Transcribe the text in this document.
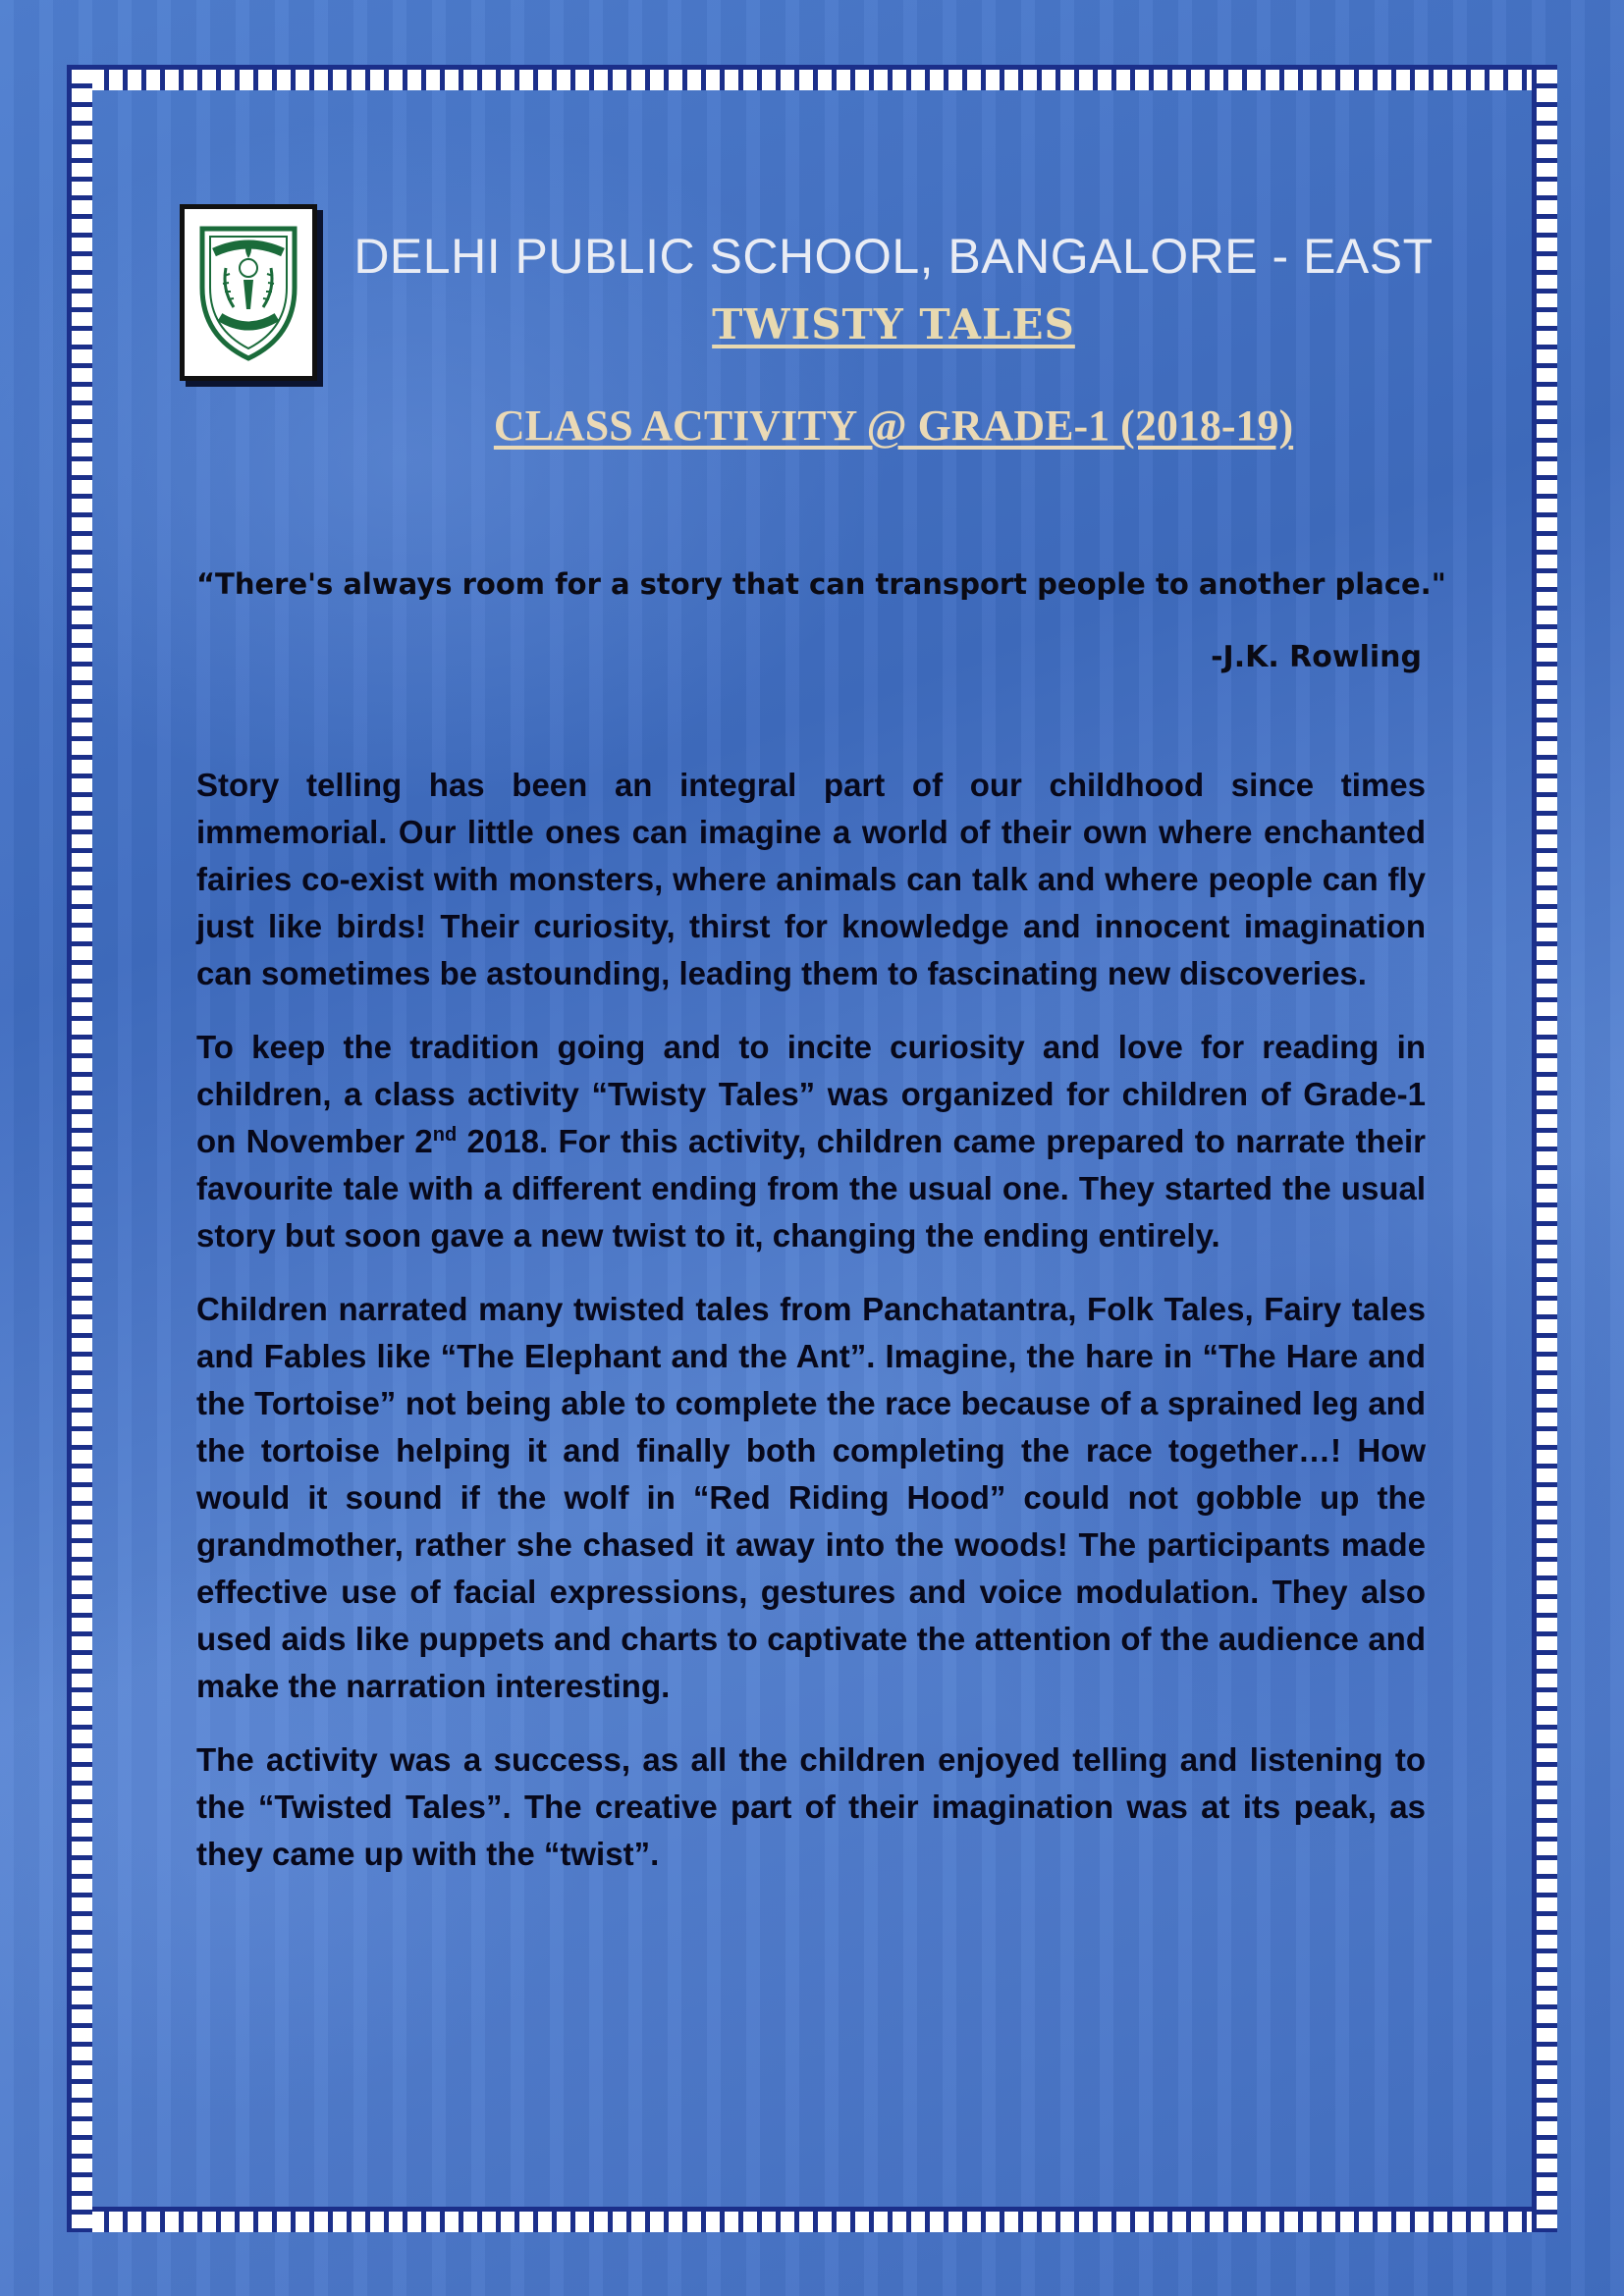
DELHI PUBLIC SCHOOL, BANGALORE - EAST
TWISTY TALES
CLASS ACTIVITY @ GRADE-1 (2018-19)
“There's always room for a story that can transport people to another place."
-J.K. Rowling

Story telling has been an integral part of our childhood since times immemorial. Our little ones can imagine a world of their own where enchanted fairies co-exist with monsters, where animals can talk and where people can fly just like birds! Their curiosity, thirst for knowledge and innocent imagination can sometimes be astounding, leading them to fascinating new discoveries.

To keep the tradition going and to incite curiosity and love for reading in children, a class activity “Twisty Tales” was organized for children of Grade-1 on November 2nd 2018. For this activity, children came prepared to narrate their favourite tale with a different ending from the usual one. They started the usual story but soon gave a new twist to it, changing the ending entirely.

Children narrated many twisted tales from Panchatantra, Folk Tales, Fairy tales and Fables like “The Elephant and the Ant”. Imagine, the hare in “The Hare and the Tortoise” not being able to complete the race because of a sprained leg and the tortoise helping it and finally both completing the race together…! How would it sound if the wolf in “Red Riding Hood” could not gobble up the grandmother, rather she chased it away into the woods! The participants made effective use of facial expressions, gestures and voice modulation. They also used aids like puppets and charts to captivate the attention of the audience and make the narration interesting.

The activity was a success, as all the children enjoyed telling and listening to the “Twisted Tales”. The creative part of their imagination was at its peak, as they came up with the “twist”.
